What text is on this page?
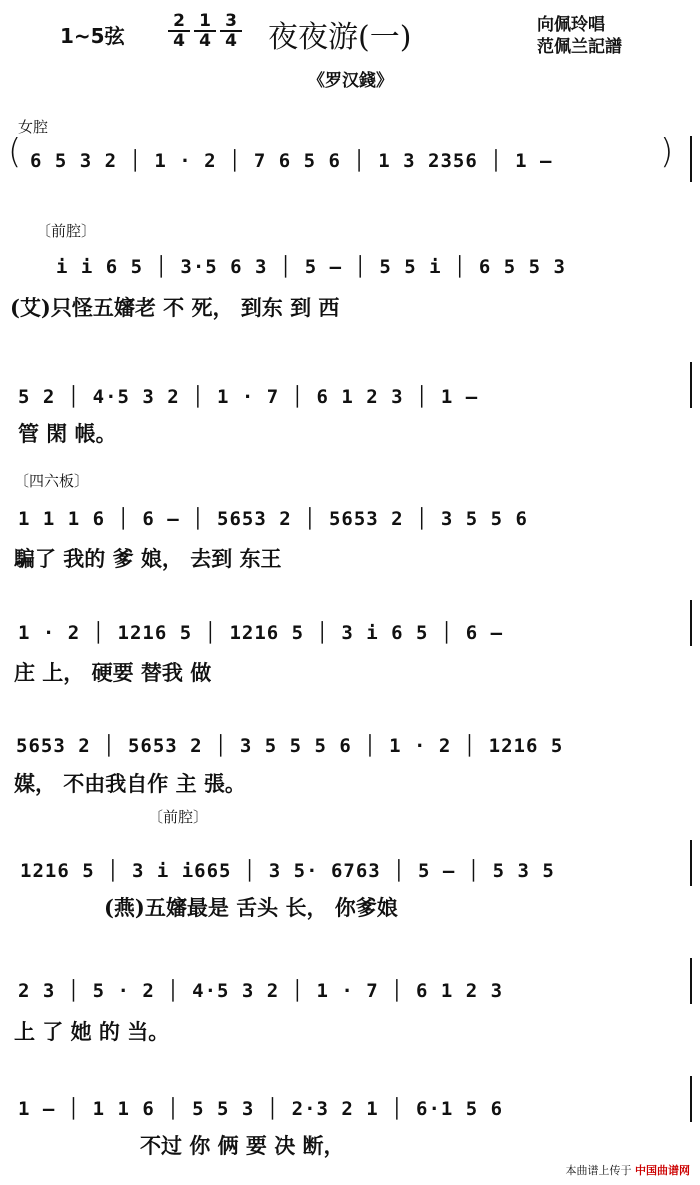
1~5弦	$\frac{2}{4} \frac{1}{4} \frac{3}{4}$ 夜夜游(一)	向佩玲唱
范佩兰記譜
《罗汉錢》
女腔
( 6 5 3 2 │ 1 · 2 │ 7 6 5 6 │ 1 3 2356 │ 1 –	)
〔前腔〕
i i 6 5 │ 3·5 6 3 │ 5 – │ 5 5 i │ 6 5 5 3
(艾)只怪五嬸老 不 死， 到东 到 西
5 2 │ 4·5 3 2 │ 1 · 7 │ 6 1 2 3 │ 1 –
管 閑 帳。
〔四六板〕
1 1 1 6 │ 6 – │ 5653 2 │ 5653 2 │ 3 5 5 6
騙了 我的 爹 娘， 去到 东王
1 · 2 │ 1216 5 │ 1216 5 │ 3 i 6 5 │ 6 –
庄 上， 硬要 替我 做
5653 2 │ 5653 2 │ 3 5 5 5 6 │ 1 · 2 │ 1216 5
媒， 不由我自作 主 張。
〔前腔〕
1216 5 │ 3 i i665 │ 3 5· 6763 │ 5 – │ 5 3 5
(燕)五嬸最是 舌头 长， 你爹娘
2 3 │ 5 · 2 │ 4·5 3 2 │ 1 · 7 │ 6 1 2 3
上 了 她 的 当。
1 – │ 1 1 6 │ 5 5 3 │ 2·3 2 1 │ 6·1 5 6
不过 你 俩 要 决 断，
本曲谱上传于 中国曲谱网
